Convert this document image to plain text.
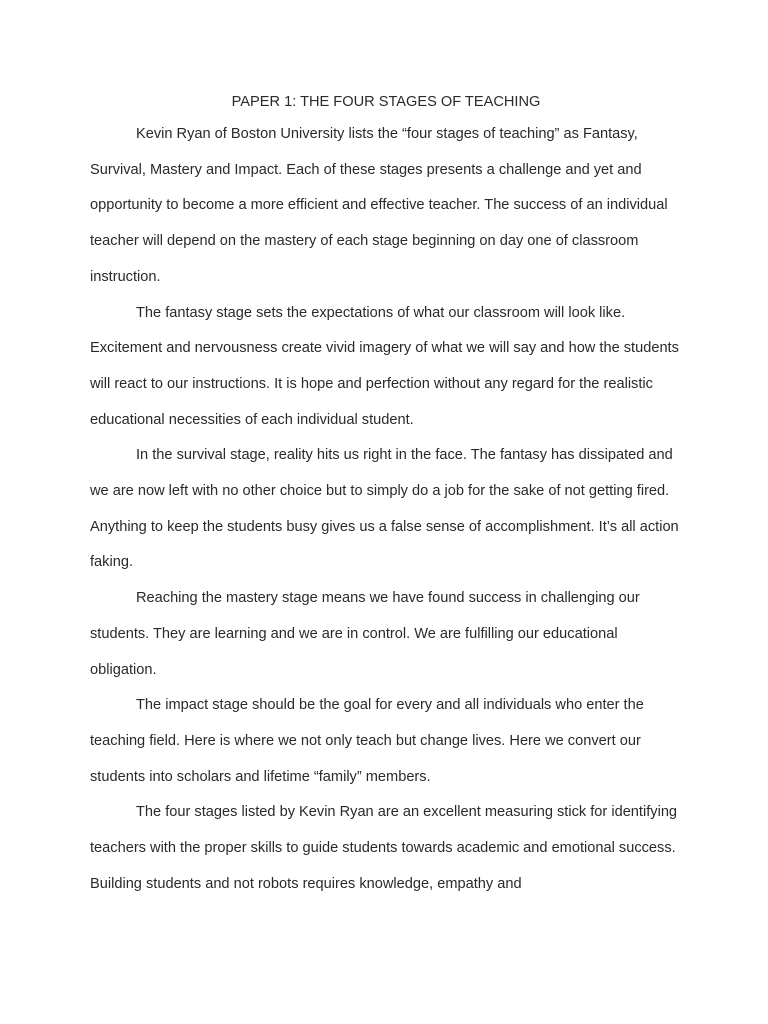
PAPER 1: THE FOUR STAGES OF TEACHING

Kevin Ryan of Boston University lists the “four stages of teaching” as Fantasy, Survival, Mastery and Impact. Each of these stages presents a challenge and yet and opportunity to become a more efficient and effective teacher. The success of an individual teacher will depend on the mastery of each stage beginning on day one of classroom instruction.

The fantasy stage sets the expectations of what our classroom will look like. Excitement and nervousness create vivid imagery of what we will say and how the students will react to our instructions. It is hope and perfection without any regard for the realistic educational necessities of each individual student.

In the survival stage, reality hits us right in the face. The fantasy has dissipated and we are now left with no other choice but to simply do a job for the sake of not getting fired. Anything to keep the students busy gives us a false sense of accomplishment. It’s all action faking.

Reaching the mastery stage means we have found success in challenging our students. They are learning and we are in control. We are fulfilling our educational obligation.

The impact stage should be the goal for every and all individuals who enter the teaching field. Here is where we not only teach but change lives. Here we convert our students into scholars and lifetime “family” members.

The four stages listed by Kevin Ryan are an excellent measuring stick for identifying teachers with the proper skills to guide students towards academic and emotional success. Building students and not robots requires knowledge, empathy and
